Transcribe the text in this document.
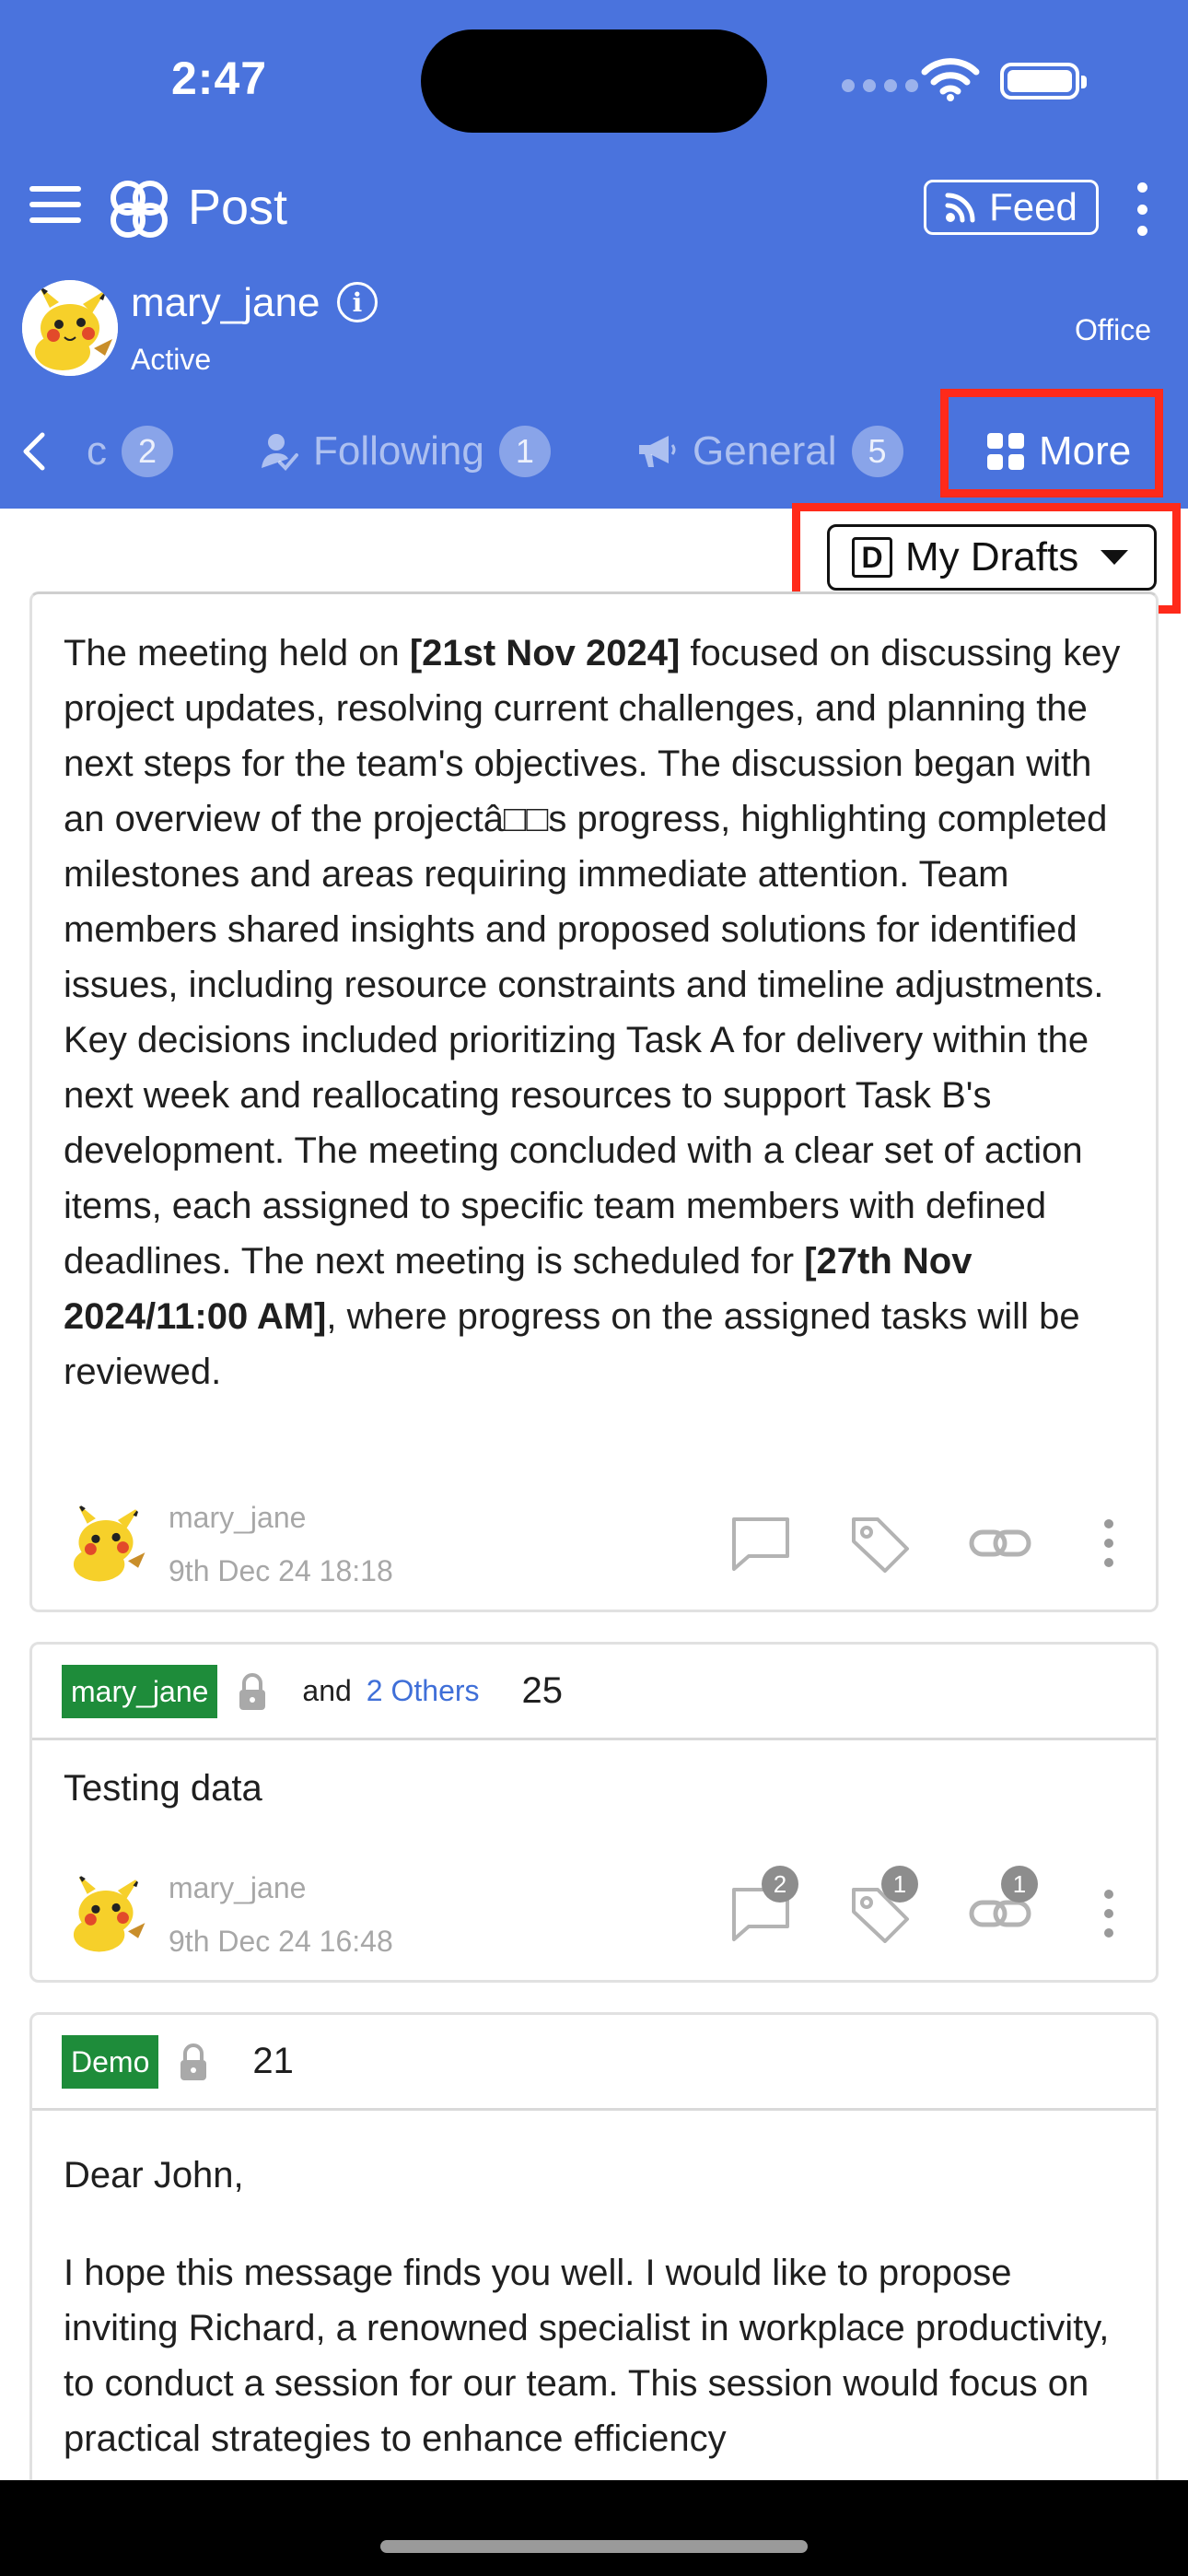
2:47
Post	Feed
mary_jane	i
Active
Office
c 2	Following 1	General 5	More
D My Drafts
The meeting held on [21st Nov 2024] focused on discussing key project updates, resolving current challenges, and planning the next steps for the team's objectives. The discussion began with an overview of the projectâ□□s progress, highlighting completed milestones and areas requiring immediate attention. Team members shared insights and proposed solutions for identified issues, including resource constraints and timeline adjustments. Key decisions included prioritizing Task A for delivery within the next week and reallocating resources to support Task B's development. The meeting concluded with a clear set of action items, each assigned to specific team members with defined deadlines. The next meeting is scheduled for [27th Nov 2024/11:00 AM], where progress on the assigned tasks will be reviewed.
mary_jane
9th Dec 24 18:18
mary_jane	and 2 Others 25
Testing data
mary_jane
9th Dec 24 16:48
2	1	1
Demo	21
Dear John,
I hope this message finds you well. I would like to propose inviting Richard, a renowned specialist in workplace productivity, to conduct a session for our team. This session would focus on practical strategies to enhance efficiency
